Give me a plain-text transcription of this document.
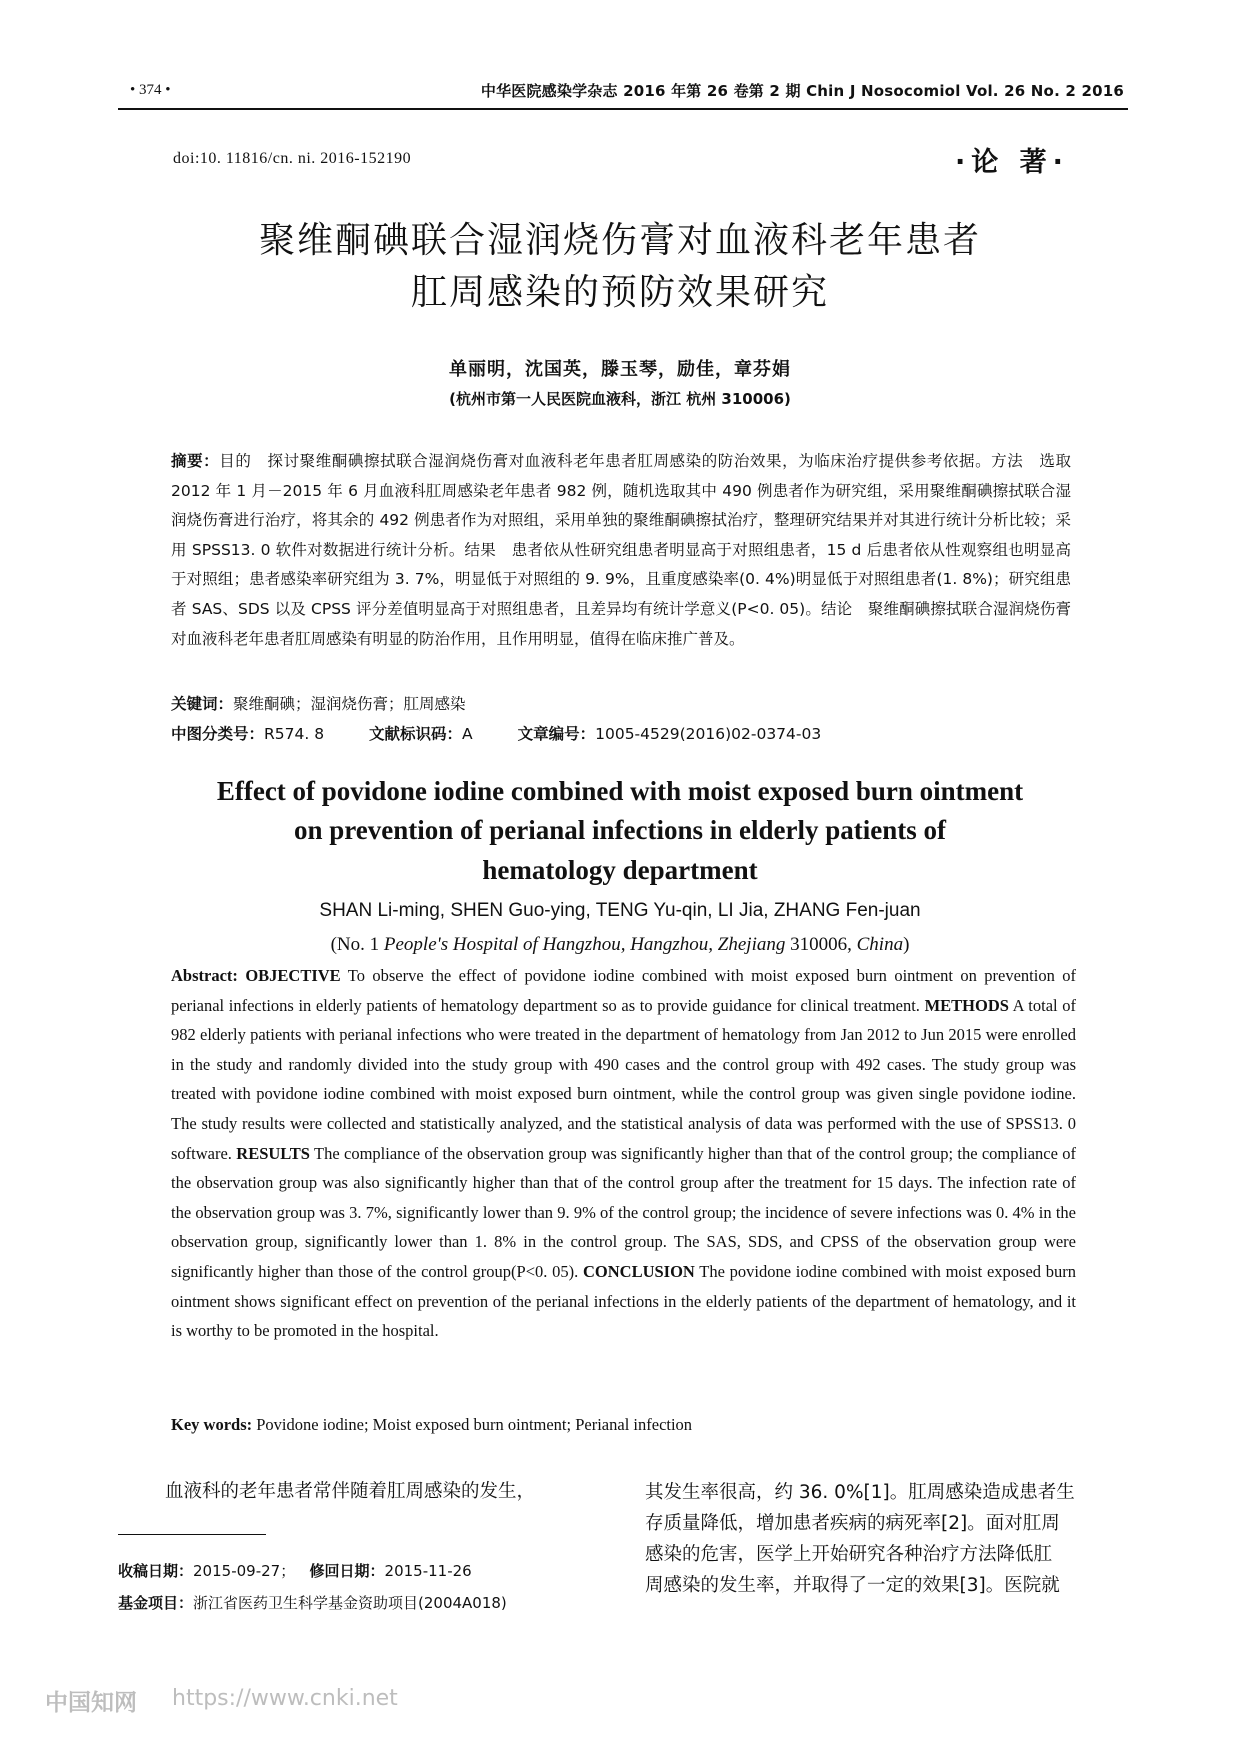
• 374 •	中华医院感染学杂志 2016 年第 26 卷第 2 期 Chin J Nosocomiol Vol. 26 No. 2 2016
doi:10. 11816/cn. ni. 2016-152190	·论 著·
聚维酮碘联合湿润烧伤膏对血液科老年患者
肛周感染的预防效果研究
单丽明，沈国英，滕玉琴，励佳，章芬娟
(杭州市第一人民医院血液科，浙江 杭州 310006)
摘要：目的　探讨聚维酮碘擦拭联合湿润烧伤膏对血液科老年患者肛周感染的防治效果，为临床治疗提供参考依据。方法　选取 2012 年 1 月－2015 年 6 月血液科肛周感染老年患者 982 例，随机选取其中 490 例患者作为研究组，采用聚维酮碘擦拭联合湿润烧伤膏进行治疗，将其余的 492 例患者作为对照组，采用单独的聚维酮碘擦拭治疗，整理研究结果并对其进行统计分析比较；采用 SPSS13. 0 软件对数据进行统计分析。结果　患者依从性研究组患者明显高于对照组患者，15 d 后患者依从性观察组也明显高于对照组；患者感染率研究组为 3. 7%，明显低于对照组的 9. 9%，且重度感染率(0. 4%)明显低于对照组患者(1. 8%)；研究组患者 SAS、SDS 以及 CPSS 评分差值明显高于对照组患者，且差异均有统计学意义(P<0. 05)。结论　聚维酮碘擦拭联合湿润烧伤膏对血液科老年患者肛周感染有明显的防治作用，且作用明显，值得在临床推广普及。
关键词：聚维酮碘；湿润烧伤膏；肛周感染
中图分类号：R574. 8	文献标识码：A	文章编号：1005-4529(2016)02-0374-03
Effect of povidone iodine combined with moist exposed burn ointment
on prevention of perianal infections in elderly patients of
hematology department
SHAN Li-ming, SHEN Guo-ying, TENG Yu-qin, LI Jia, ZHANG Fen-juan
(No. 1 People's Hospital of Hangzhou, Hangzhou, Zhejiang 310006, China)
Abstract: OBJECTIVE To observe the effect of povidone iodine combined with moist exposed burn ointment on prevention of perianal infections in elderly patients of hematology department so as to provide guidance for clinical treatment. METHODS A total of 982 elderly patients with perianal infections who were treated in the department of hematology from Jan 2012 to Jun 2015 were enrolled in the study and randomly divided into the study group with 490 cases and the control group with 492 cases. The study group was treated with povidone iodine combined with moist exposed burn ointment, while the control group was given single povidone iodine. The study results were collected and statistically analyzed, and the statistical analysis of data was performed with the use of SPSS13. 0 software. RESULTS The compliance of the observation group was significantly higher than that of the control group; the compliance of the observation group was also significantly higher than that of the control group after the treatment for 15 days. The infection rate of the observation group was 3. 7%, significantly lower than 9. 9% of the control group; the incidence of severe infections was 0. 4% in the observation group, significantly lower than 1. 8% in the control group. The SAS, SDS, and CPSS of the observation group were significantly higher than those of the control group(P<0. 05). CONCLUSION The povidone iodine combined with moist exposed burn ointment shows significant effect on prevention of the perianal infections in the elderly patients of the department of hematology, and it is worthy to be promoted in the hospital.
Key words: Povidone iodine; Moist exposed burn ointment; Perianal infection
血液科的老年患者常伴随着肛周感染的发生，	其发生率很高，约 36. 0%[1]。肛周感染造成患者生
存质量降低，增加患者疾病的病死率[2]。面对肛周
感染的危害，医学上开始研究各种治疗方法降低肛
周感染的发生率，并取得了一定的效果[3]。医院就
收稿日期：2015-09-27； 修回日期：2015-11-26
基金项目：浙江省医药卫生科学基金资助项目(2004A018)
中国知网 https://www.cnki.net
